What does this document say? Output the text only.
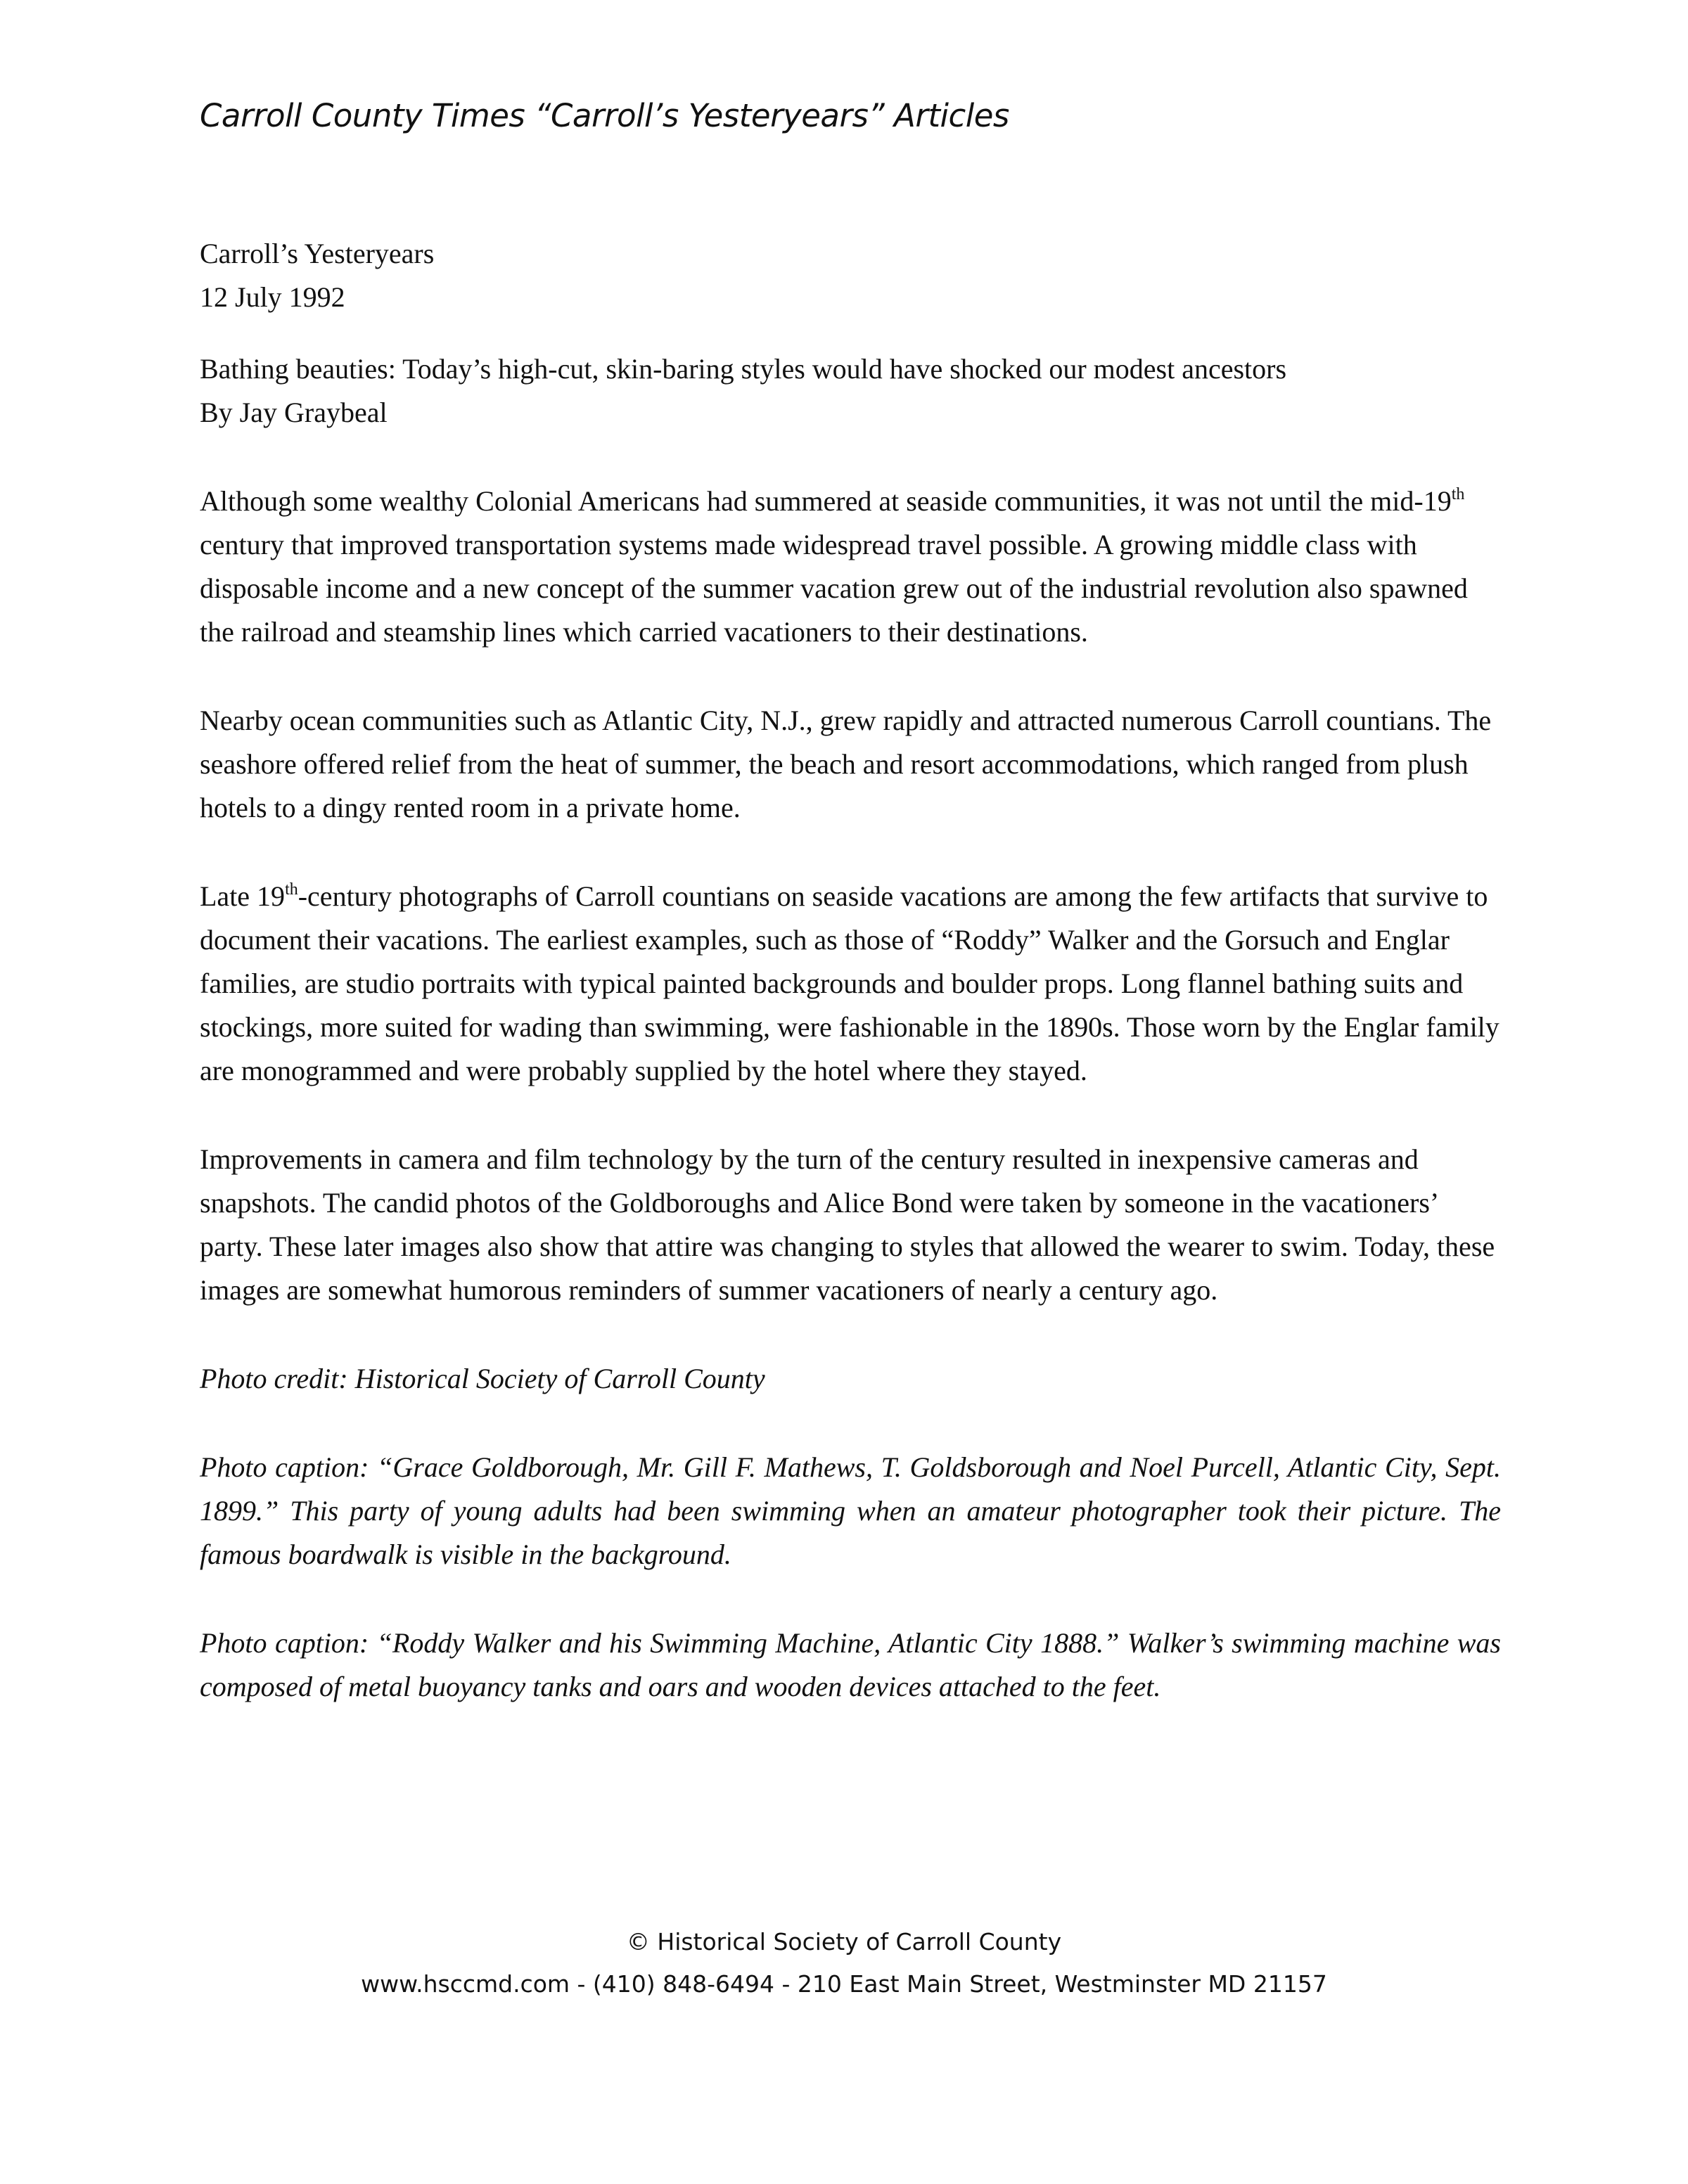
Carroll County Times “Carroll’s Yesteryears” Articles

Carroll’s Yesteryears
12 July 1992

Bathing beauties: Today’s high-cut, skin-baring styles would have shocked our modest ancestors
By Jay Graybeal

Although some wealthy Colonial Americans had summered at seaside communities, it was not until the mid-19th century that improved transportation systems made widespread travel possible. A growing middle class with disposable income and a new concept of the summer vacation grew out of the industrial revolution also spawned the railroad and steamship lines which carried vacationers to their destinations.

Nearby ocean communities such as Atlantic City, N.J., grew rapidly and attracted numerous Carroll countians. The seashore offered relief from the heat of summer, the beach and resort accommodations, which ranged from plush hotels to a dingy rented room in a private home.

Late 19th-century photographs of Carroll countians on seaside vacations are among the few artifacts that survive to document their vacations. The earliest examples, such as those of “Roddy” Walker and the Gorsuch and Englar families, are studio portraits with typical painted backgrounds and boulder props. Long flannel bathing suits and stockings, more suited for wading than swimming, were fashionable in the 1890s. Those worn by the Englar family are monogrammed and were probably supplied by the hotel where they stayed.

Improvements in camera and film technology by the turn of the century resulted in inexpensive cameras and snapshots. The candid photos of the Goldboroughs and Alice Bond were taken by someone in the vacationers’ party. These later images also show that attire was changing to styles that allowed the wearer to swim. Today, these images are somewhat humorous reminders of summer vacationers of nearly a century ago.

Photo credit: Historical Society of Carroll County

Photo caption: “Grace Goldborough, Mr. Gill F. Mathews, T. Goldsborough and Noel Purcell, Atlantic City, Sept. 1899.” This party of young adults had been swimming when an amateur photographer took their picture. The famous boardwalk is visible in the background.

Photo caption: “Roddy Walker and his Swimming Machine, Atlantic City 1888.” Walker’s swimming machine was composed of metal buoyancy tanks and oars and wooden devices attached to the feet.

© Historical Society of Carroll County
www.hsccmd.com - (410) 848-6494 - 210 East Main Street, Westminster MD 21157
